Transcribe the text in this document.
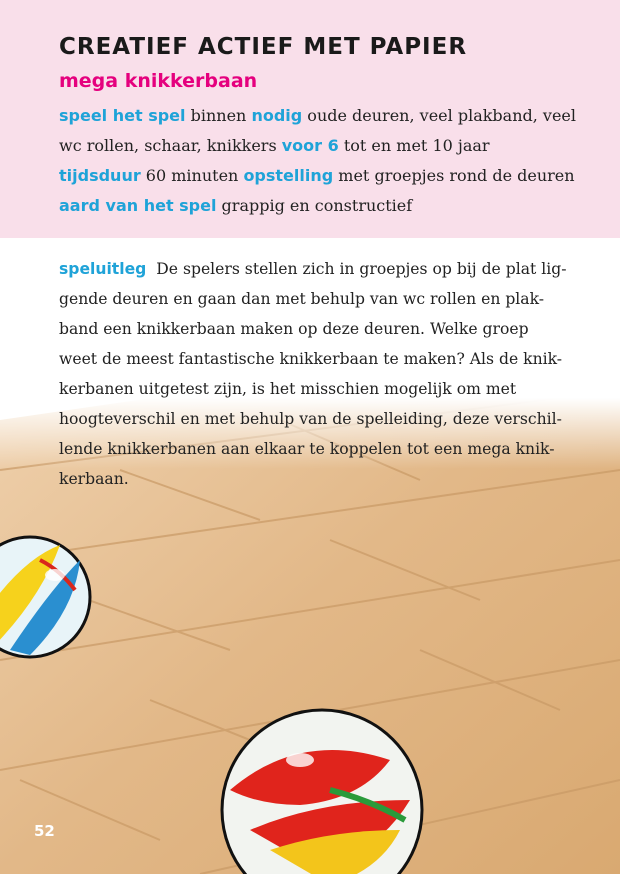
CREATIEF ACTIEF MET PAPIER
mega knikkerbaan
speel het spel binnen nodig oude deuren, veel plakband, veel
wc rollen, schaar, knikkers voor 6 tot en met 10 jaar
tijdsduur 60 minuten opstelling met groepjes rond de deuren
aard van het spel grappig en constructief
speluitleg De spelers stellen zich in groepjes op bij de plat lig-
gende deuren en gaan dan met behulp van wc rollen en plak-
band een knikkerbaan maken op deze deuren. Welke groep
weet de meest fantastische knikkerbaan te maken? Als de knik-
kerbanen uitgetest zijn, is het misschien mogelijk om met
hoogteverschil en met behulp van de spelleiding, deze verschil-
lende knikkerbanen aan elkaar te koppelen tot een mega knik-
kerbaan.
52
